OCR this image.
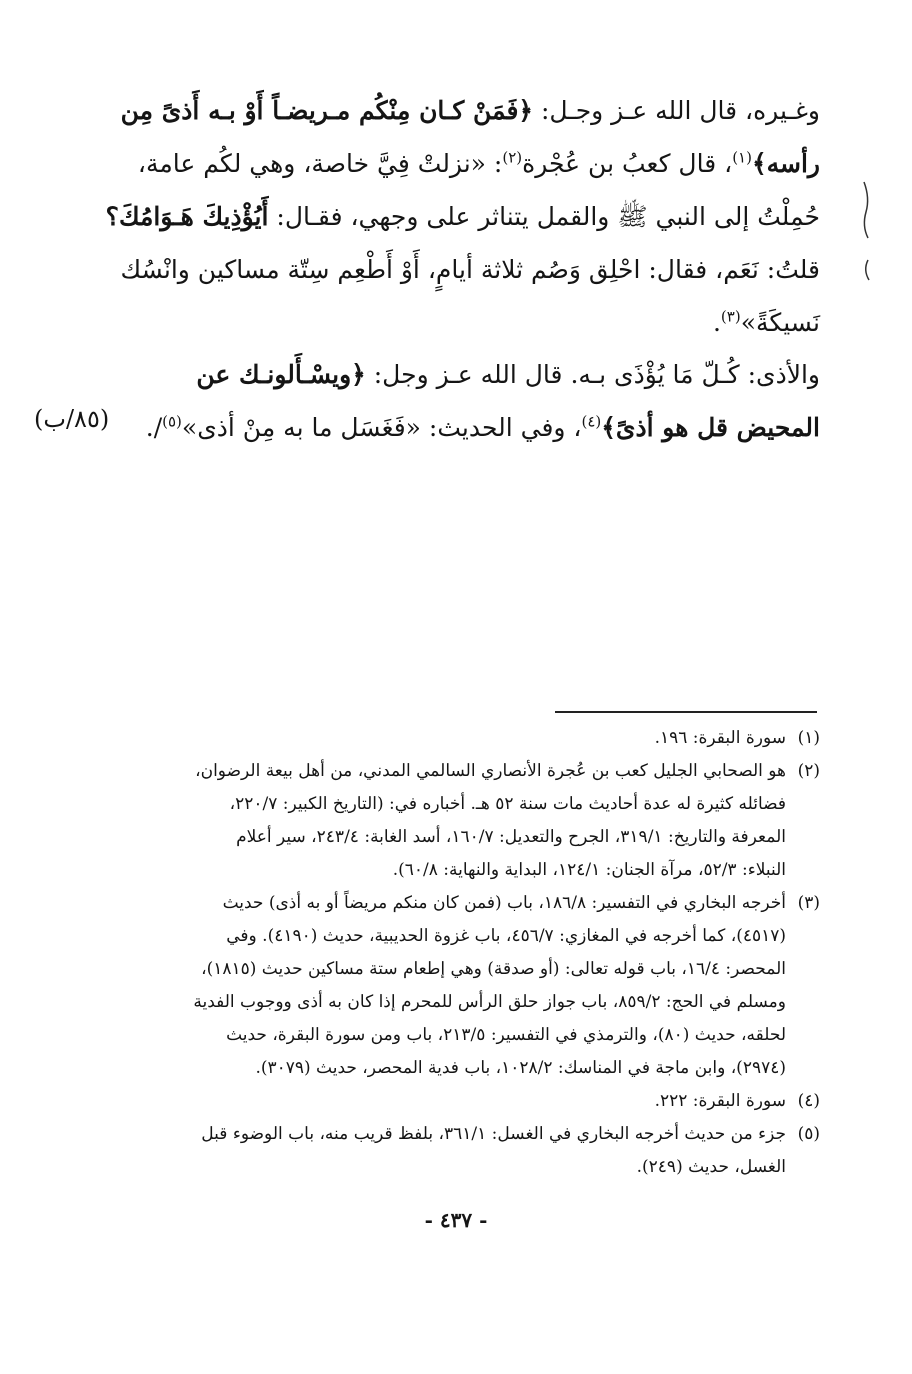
وغـيره، قال الله عـز وجـل: ﴿فَمَنْ كـان مِنْكُم مـريضـاً أَوْ بـه أَذىً مِن
رأسه﴾$^{(١)}$، قال كعبُ بن عُجْرة$^{(٢)}$: «نزلتْ فِيَّ خاصة، وهي لكُم عامة،
حُمِلْتُ إلى النبي ﷺ والقمل يتناثر على وجهي، فقـال: أَيُؤْذِيكَ هَـوَامُكَ؟
قلتُ: نَعَم، فقال: احْلِق وَصُم ثلاثة أيامٍ، أَوْ أَطْعِم سِتّة مساكين وانْسُك
نَسيكَةً»$^{(٣)}$.
والأذى: كُـلّ مَا يُؤْذَى بـه. قال الله عـز وجل: ﴿ويسْـأَلونـك عن
المحيض قل هو أذىً﴾$^{(٤)}$، وفي الحديث: «فَغَسَل ما به مِنْ أذى»$^{(٥)}$/.
(٨٥/ب)
(١)
سورة البقرة: ١٩٦.
(٢)
هو الصحابي الجليل كعب بن عُجرة الأنصاري السالمي المدني، من أهل بيعة الرضوان،
فضائله كثيرة له عدة أحاديث مات سنة ٥٢ هـ. أخباره في: (التاريخ الكبير: ٢٢٠/٧،
المعرفة والتاريخ: ٣١٩/١، الجرح والتعديل: ١٦٠/٧، أسد الغابة: ٢٤٣/٤، سير أعلام
النبلاء: ٥٢/٣، مرآة الجنان: ١٢٤/١، البداية والنهاية: ٦٠/٨).
(٣)
أخرجه البخاري في التفسير: ١٨٦/٨، باب (فمن كان منكم مريضاً أو به أذى) حديث
(٤٥١٧)، كما أخرجه في المغازي: ٤٥٦/٧، باب غزوة الحديبية، حديث (٤١٩٠). وفي
المحصر: ١٦/٤، باب قوله تعالى: (أو صدقة) وهي إطعام ستة مساكين حديث (١٨١٥)،
ومسلم في الحج: ٨٥٩/٢، باب جواز حلق الرأس للمحرم إذا كان به أذى ووجوب الفدية
لحلقه، حديث (٨٠)، والترمذي في التفسير: ٢١٣/٥، باب ومن سورة البقرة، حديث
(٢٩٧٤)، وابن ماجة في المناسك: ١٠٢٨/٢، باب فدية المحصر، حديث (٣٠٧٩).
(٤)
سورة البقرة: ٢٢٢.
(٥)
جزء من حديث أخرجه البخاري في الغسل: ٣٦١/١، بلفظ قريب منه، باب الوضوء قبل
الغسل، حديث (٢٤٩).
- ٤٣٧ -
